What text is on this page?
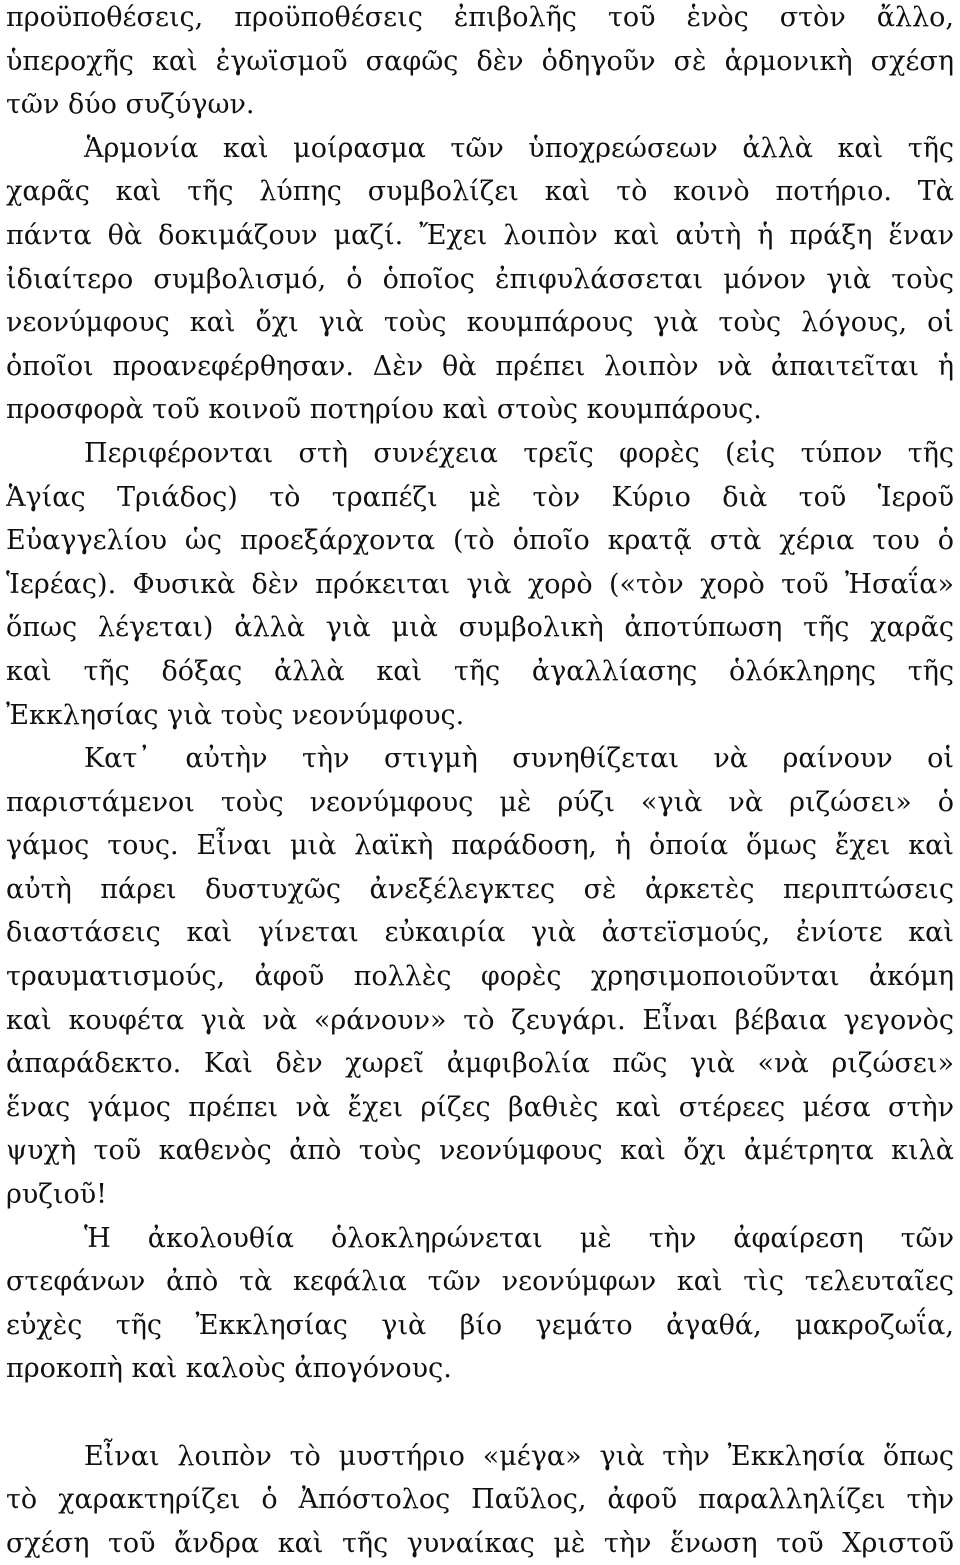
προϋποθέσεις, προϋποθέσεις ἐπιβολῆς τοῦ ἑνὸς στὸν ἄλλο,
ὑπεροχῆς καὶ ἐγωϊσμοῦ σαφῶς δὲν ὁδηγοῦν σὲ ἁρμονικὴ σχέση
τῶν δύο συζύγων.
Ἁρμονία καὶ μοίρασμα τῶν ὑποχρεώσεων ἀλλὰ καὶ τῆς
χαρᾶς καὶ τῆς λύπης συμβολίζει καὶ τὸ κοινὸ ποτήριο. Τὰ
πάντα θὰ δοκιμάζουν μαζί. Ἔχει λοιπὸν καὶ αὐτὴ ἡ πράξη ἕναν
ἰδιαίτερο συμβολισμό, ὁ ὁποῖος ἐπιφυλάσσεται μόνον γιὰ τοὺς
νεονύμφους καὶ ὄχι γιὰ τοὺς κουμπάρους γιὰ τοὺς λόγους, οἱ
ὁποῖοι προανεφέρθησαν. Δὲν θὰ πρέπει λοιπὸν νὰ ἀπαιτεῖται ἡ
προσφορὰ τοῦ κοινοῦ ποτηρίου καὶ στοὺς κουμπάρους.
Περιφέρονται στὴ συνέχεια τρεῖς φορὲς (εἰς τύπον τῆς
Ἁγίας Τριάδος) τὸ τραπέζι μὲ τὸν Κύριο διὰ τοῦ Ἱεροῦ
Εὐαγγελίου ὡς προεξάρχοντα (τὸ ὁποῖο κρατᾷ στὰ χέρια του ὁ
Ἱερέας). Φυσικὰ δὲν πρόκειται γιὰ χορὸ («τὸν χορὸ τοῦ Ἠσαΐα»
ὅπως λέγεται) ἀλλὰ γιὰ μιὰ συμβολικὴ ἀποτύπωση τῆς χαρᾶς
καὶ τῆς δόξας ἀλλὰ καὶ τῆς ἀγαλλίασης ὁλόκληρης τῆς
Ἐκκλησίας γιὰ τοὺς νεονύμφους.
Κατ᾽ αὐτὴν τὴν στιγμὴ συνηθίζεται νὰ ραίνουν οἱ
παριστάμενοι τοὺς νεονύμφους μὲ ρύζι «γιὰ νὰ ριζώσει» ὁ
γάμος τους. Εἶναι μιὰ λαϊκὴ παράδοση, ἡ ὁποία ὅμως ἔχει καὶ
αὐτὴ πάρει δυστυχῶς ἀνεξέλεγκτες σὲ ἀρκετὲς περιπτώσεις
διαστάσεις καὶ γίνεται εὐκαιρία γιὰ ἀστεϊσμούς, ἐνίοτε καὶ
τραυματισμούς, ἀφοῦ πολλὲς φορὲς χρησιμοποιοῦνται ἀκόμη
καὶ κουφέτα γιὰ νὰ «ράνουν» τὸ ζευγάρι. Εἶναι βέβαια γεγονὸς
ἀπαράδεκτο. Καὶ δὲν χωρεῖ ἀμφιβολία πῶς γιὰ «νὰ ριζώσει»
ἕνας γάμος πρέπει νὰ ἔχει ρίζες βαθιὲς καὶ στέρεες μέσα στὴν
ψυχὴ τοῦ καθενὸς ἀπὸ τοὺς νεονύμφους καὶ ὄχι ἀμέτρητα κιλὰ
ρυζιοῦ!
Ἡ ἀκολουθία ὁλοκληρώνεται μὲ τὴν ἀφαίρεση τῶν
στεφάνων ἀπὸ τὰ κεφάλια τῶν νεονύμφων καὶ τὶς τελευταῖες
εὐχὲς τῆς Ἐκκλησίας γιὰ βίο γεμάτο ἀγαθά, μακροζωΐα,
προκοπὴ καὶ καλοὺς ἀπογόνους.
Εἶναι λοιπὸν τὸ μυστήριο «μέγα» γιὰ τὴν Ἐκκλησία ὅπως
τὸ χαρακτηρίζει ὁ Ἀπόστολος Παῦλος, ἀφοῦ παραλληλίζει τὴν
σχέση τοῦ ἄνδρα καὶ τῆς γυναίκας μὲ τὴν ἕνωση τοῦ Χριστοῦ
